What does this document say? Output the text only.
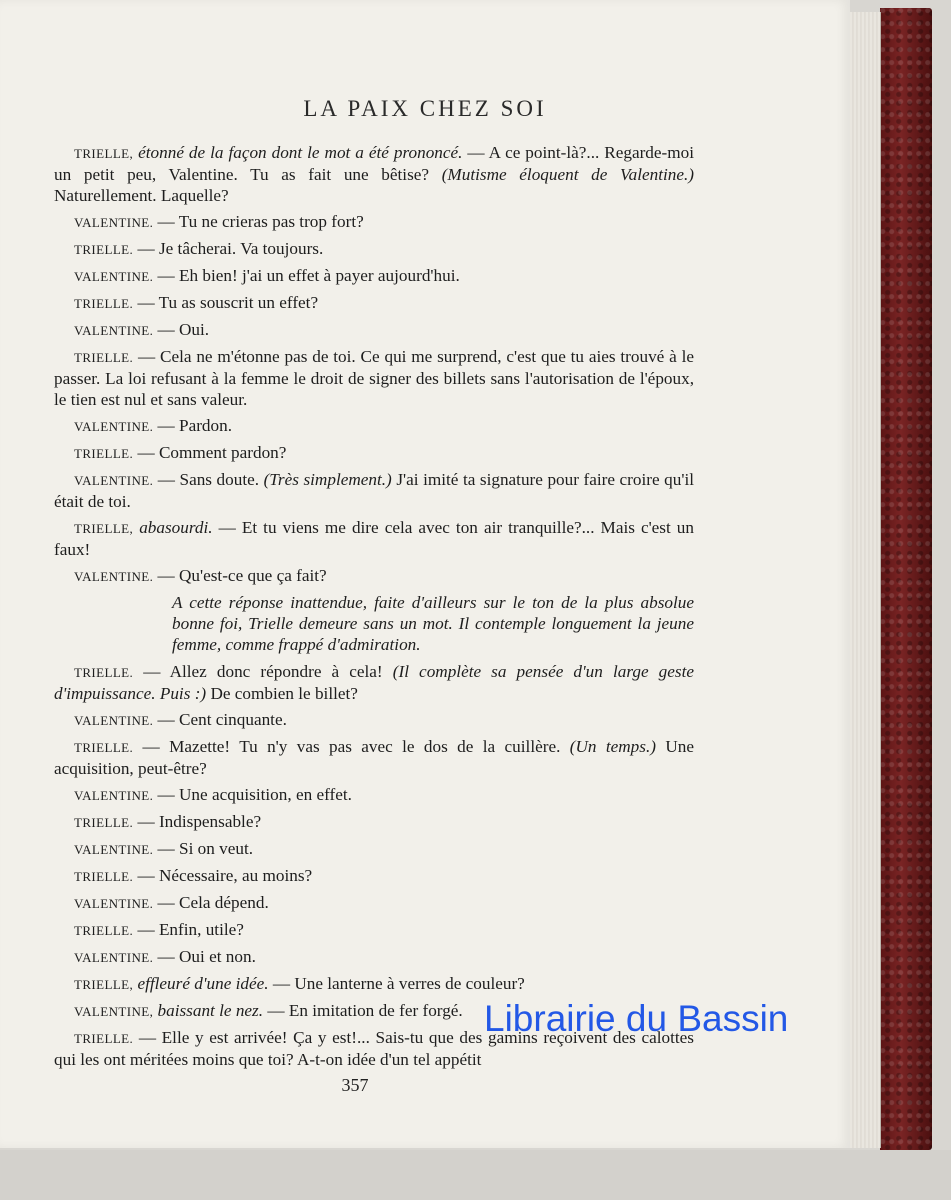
LA PAIX CHEZ SOI

TRIELLE, étonné de la façon dont le mot a été prononcé. — A ce point-là?... Regarde-moi un petit peu, Valentine. Tu as fait une bêtise? (Mutisme éloquent de Valentine.) Naturellement. Laquelle?

VALENTINE. — Tu ne crieras pas trop fort?

TRIELLE. — Je tâcherai. Va toujours.

VALENTINE. — Eh bien! j'ai un effet à payer aujourd'hui.

TRIELLE. — Tu as souscrit un effet?

VALENTINE. — Oui.

TRIELLE. — Cela ne m'étonne pas de toi. Ce qui me surprend, c'est que tu aies trouvé à le passer. La loi refusant à la femme le droit de signer des billets sans l'autorisation de l'époux, le tien est nul et sans valeur.

VALENTINE. — Pardon.

TRIELLE. — Comment pardon?

VALENTINE. — Sans doute. (Très simplement.) J'ai imité ta signature pour faire croire qu'il était de toi.

TRIELLE, abasourdi. — Et tu viens me dire cela avec ton air tranquille?... Mais c'est un faux!

VALENTINE. — Qu'est-ce que ça fait?

A cette réponse inattendue, faite d'ailleurs sur le ton de la plus absolue bonne foi, Trielle demeure sans un mot. Il contemple longuement la jeune femme, comme frappé d'admiration.

TRIELLE. — Allez donc répondre à cela! (Il complète sa pensée d'un large geste d'impuissance. Puis :) De combien le billet?

VALENTINE. — Cent cinquante.

TRIELLE. — Mazette! Tu n'y vas pas avec le dos de la cuillère. (Un temps.) Une acquisition, peut-être?

VALENTINE. — Une acquisition, en effet.

TRIELLE. — Indispensable?

VALENTINE. — Si on veut.

TRIELLE. — Nécessaire, au moins?

VALENTINE. — Cela dépend.

TRIELLE. — Enfin, utile?

VALENTINE. — Oui et non.

TRIELLE, effleuré d'une idée. — Une lanterne à verres de couleur?

VALENTINE, baissant le nez. — En imitation de fer forgé.

TRIELLE. — Elle y est arrivée! Ça y est!... Sais-tu que des gamins reçoivent des calottes qui les ont méritées moins que toi? A-t-on idée d'un tel appétit

357
Librairie du Bassin
